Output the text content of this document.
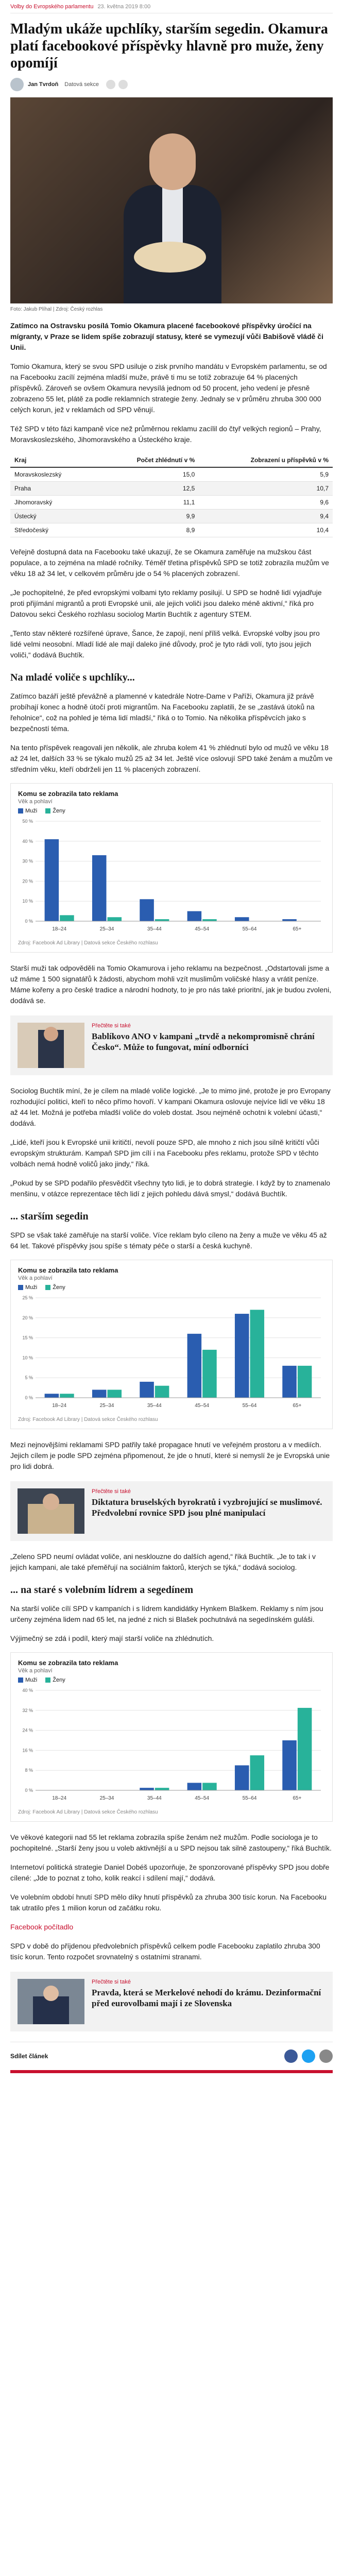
Volby do Evropského parlamentu 23. května 2019 8:00
Mladým ukáže upchlíky, starším segedin. Okamura platí facebookové příspěvky hlavně pro muže, ženy opomíjí
Jan Tvrdoň Datová sekce
Foto: Jakub Plíhal | Zdroj: Český rozhlas

Zatímco na Ostravsku posílá Tomio Okamura placené facebookové příspěvky úročící na mígranty, v Praze se lidem spíše zobrazují statusy, které se vymezují vůči Babišově vládě či Unii.

Tomio Okamura, který se svou SPD usiluje o zisk prvního mandátu v Evropském parlamentu, se od na Facebooku zacílí zejména mladší muže, právě ti mu se totiž zobrazuje 64 % placených příspěvků. Zároveň se ovšem Okamura nevysílá jednom od 50 procent, jeho vedení je přesně zobrazeno 55 let, plátě za podle reklamních strategie ženy. Jednaly se v průměru zhruba 300 000 celých korun, jež v reklamách od SPD věnují.

Též SPD v této fázi kampaně více než průměrnou reklamu zacílil do čtyř velkých regionů – Prahy, Moravskoslezského, Jihomoravského a Ústeckého kraje.

Kraj	Počet zhlédnutí v %	Zobrazení u příspěvků v %
Moravskoslezský	15,0	5,9
Praha	12,5	10,7
Jihomoravský	11,1	9,6
Ústecký	9,9	9,4
Středočeský	8,9	10,4

Veřejně dostupná data na Facebooku také ukazují, že se Okamura zaměřuje na mužskou část populace, a to zejména na mladé ročníky. Téměř třetina příspěvků SPD se totiž zobrazila mužům ve věku 18 až 34 let, v celkovém průměru jde o 54 % placených zobrazení.

„Je pochopitelné, že před evropskými volbami tyto reklamy posilují. U SPD se hodně lidí vyjadřuje proti přijímání migrantů a proti Evropské unii, ale jejich voliči jsou daleko méně aktivní,“ říká pro Datovou sekci Českého rozhlasu sociolog Martin Buchtík z agentury STEM.

„Tento stav některé rozšířené úprave, Šance, že zapojí, není příliš velká. Evropské volby jsou pro lidé velmi neosobní. Mladí lidé ale mají daleko jiné důvody, proč je tyto rádi volí, tyto jsou jejich voliči,“ dodává Buchtík.

Na mladé voliče s upchlíky...

Zatímco bazáří ještě převážně a plamenné v katedrále Notre-Dame v Paříži, Okamura již právě probíhají konec a hodně útočí proti migrantům. Na Facebooku zaplatili, že se „zastává útoků na řeholnice“, což na pohled je téma lidí mladší,“ říká o to Tomio. Na několika příspěvcích jako s bezpečností téma.

Na tento příspěvek reagovali jen několik, ale zhruba kolem 41 % zhlédnutí bylo od mužů ve věku 18 až 24 let, dalších 33 % se týkalo mužů 25 až 34 let. Ještě více oslovují SPD také ženám a mužům ve středním věku, kteří obdrželi jen 11 % placených zobrazení.

Komu se zobrazila tato reklama
Věk a pohlaví
Muži	Ženy
0 %
10 %
20 %
30 %
40 %
50 %
18–24	25–34	35–44	45–54	55–64	65+
Zdroj: Facebook Ad Library | Datová sekce Českého rozhlasu

Starší muži tak odpověděli na Tomio Okamurova i jeho reklamu na bezpečnost. „Odstartovali jsme a už máme 1 500 signatářů k žádosti, abychom mohli vzít muslimům voličské hlasy a vrátit peníze. Máme kořeny a pro české tradice a národní hodnoty, to je pro nás také prioritní, jak je budou zvoleni, dodává se.

Přečtěte si také
Bablíkovo ANO v kampani „trvdě a nekompromisně chrání Česko“. Může to fungovat, míní odborníci

Sociolog Buchtík míní, že je cílem na mladé voliče logické. „Je to mimo jiné, protože je pro Evropany rozhodující politici, kteří to něco přímo hovoří. V kampani Okamura oslovuje nejvíce lidí ve věku 18 až 44 let. Možná je potřeba mladší voliče do voleb dostat. Jsou nejméně ochotni k volební účasti,“ dodává.

„Lidé, kteří jsou k Evropské unii kritičtí, nevolí pouze SPD, ale mnoho z nich jsou silně kritičtí vůči evropským strukturám. Kampaň SPD jim cílí i na Facebooku přes reklamu, protože SPD v těchto volbách nemá hodně voličů jako jindy,“ říká.

„Pokud by se SPD podařilo přesvědčit všechny tyto lidi, je to dobrá strategie. I když by to znamenalo menšinu, v otázce reprezentace těch lidí z jejich pohledu dává smysl,“ dodává Buchtík.

... starším segedin

SPD se však také zaměřuje na starší voliče. Více reklam bylo cíleno na ženy a muže ve věku 45 až 64 let. Takové příspěvky jsou spíše s tématy péče o starší a česká kuchyně.

Komu se zobrazila tato reklama
Věk a pohlaví
Muži	Ženy
0 %
5 %
10 %
15 %
20 %
25 %
18–24	25–34	35–44	45–54	55–64	65+
Zdroj: Facebook Ad Library | Datová sekce Českého rozhlasu

Mezi nejnovějšími reklamami SPD patřily také propagace hnutí ve veřejném prostoru a v mediích. Jejich cílem je podle SPD zejména připomenout, že jde o hnutí, které si nemyslí že je Evropská unie pro lidi dobrá.

Přečtěte si také
Diktatura bruselských byrokratů i vyzbrojující se muslimové. Předvolební rovnice SPD jsou plné manipulací

„Zeleno SPD neumí ovládat voliče, ani nesklouzne do dalších agend,“ říká Buchtík. „Je to tak i v jejich kampani, ale také přeměřují na sociálním faktorů, kterých se týká,“ dodává sociolog.

... na staré s volebním lídrem a segedínem

Na starší voliče cílí SPD v kampaních i s lídrem kandidátky Hynkem Blaškem. Reklamy s ním jsou určeny zejména lidem nad 65 let, na jedné z nich si Blašek pochutnává na segedínském guláši.

Výjimečný se zdá i podíl, který mají starší voliče na zhlédnutích.

Komu se zobrazila tato reklama
Věk a pohlaví
Muži	Ženy
0 %
8 %
16 %
24 %
32 %
40 %
18–24	25–34	35–44	45–54	55–64	65+
Zdroj: Facebook Ad Library | Datová sekce Českého rozhlasu

Ve věkové kategorii nad 55 let reklama zobrazila spíše ženám než mužům. Podle sociologa je to pochopitelné. „Starší ženy jsou u voleb aktivnější a u SPD nejsou tak silně zastoupeny,“ říká Buchtík.

Internetoví politická strategie Daniel Dobéš upozorňuje, že sponzorované příspěvky SPD jsou dobře cílené: „Jde to poznat z toho, kolik reakcí i sdílení mají,“ dodává.

Ve volebním období hnutí SPD mělo díky hnutí příspěvků za zhruba 300 tisíc korun. Na Facebooku tak utratilo přes 1 milion korun od začátku roku.

Facebook počítadlo

SPD v době do příjdenou předvolebních příspěvků celkem podle Facebooku zaplatilo zhruba 300 tisíc korun. Tento rozpočet srovnatelný s ostatními stranami.

Přečtěte si také
Pravda, která se Merkelové nehodí do krámu. Dezinformační před eurovolbami mají i ze Slovenska
Sdílet článek
